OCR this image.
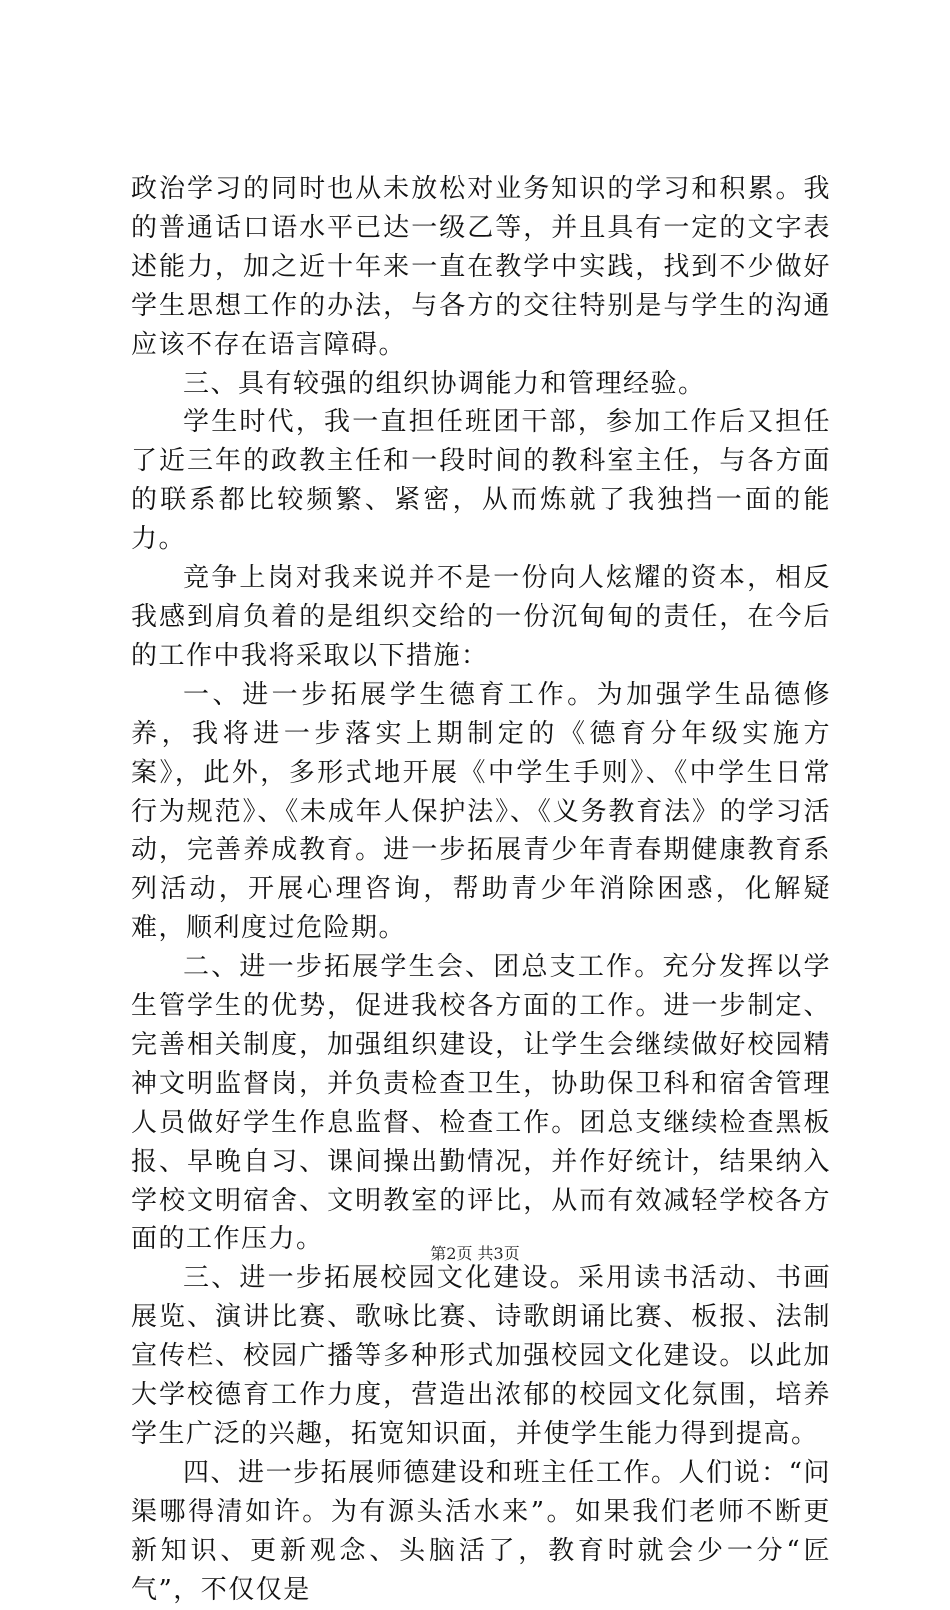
政治学习的同时也从未放松对业务知识的学习和积累。我的普通话口语水平已达一级乙等，并且具有一定的文字表述能力，加之近十年来一直在教学中实践，找到不少做好学生思想工作的办法，与各方的交往特别是与学生的沟通应该不存在语言障碍。

三、具有较强的组织协调能力和管理经验。

学生时代，我一直担任班团干部，参加工作后又担任了近三年的政教主任和一段时间的教科室主任，与各方面的联系都比较频繁、紧密，从而炼就了我独挡一面的能力。

竞争上岗对我来说并不是一份向人炫耀的资本，相反我感到肩负着的是组织交给的一份沉甸甸的责任，在今后的工作中我将采取以下措施：

一、进一步拓展学生德育工作。为加强学生品德修养，我将进一步落实上期制定的《德育分年级实施方案》，此外，多形式地开展《中学生手则》、《中学生日常行为规范》、《未成年人保护法》、《义务教育法》的学习活动，完善养成教育。进一步拓展青少年青春期健康教育系列活动，开展心理咨询，帮助青少年消除困惑，化解疑难，顺利度过危险期。

二、进一步拓展学生会、团总支工作。充分发挥以学生管学生的优势，促进我校各方面的工作。进一步制定、完善相关制度，加强组织建设，让学生会继续做好校园精神文明监督岗，并负责检查卫生，协助保卫科和宿舍管理人员做好学生作息监督、检查工作。团总支继续检查黑板报、早晚自习、课间操出勤情况，并作好统计，结果纳入学校文明宿舍、文明教室的评比，从而有效减轻学校各方面的工作压力。

三、进一步拓展校园文化建设。采用读书活动、书画展览、演讲比赛、歌咏比赛、诗歌朗诵比赛、板报、法制宣传栏、校园广播等多种形式加强校园文化建设。以此加大学校德育工作力度，营造出浓郁的校园文化氛围，培养学生广泛的兴趣，拓宽知识面，并使学生能力得到提高。

四、进一步拓展师德建设和班主任工作。人们说：“问渠哪得清如许。为有源头活水来”。如果我们老师不断更新知识、更新观念、头脑活了，教育时就会少一分“匠气”，不仅仅是

第2页 共3页
